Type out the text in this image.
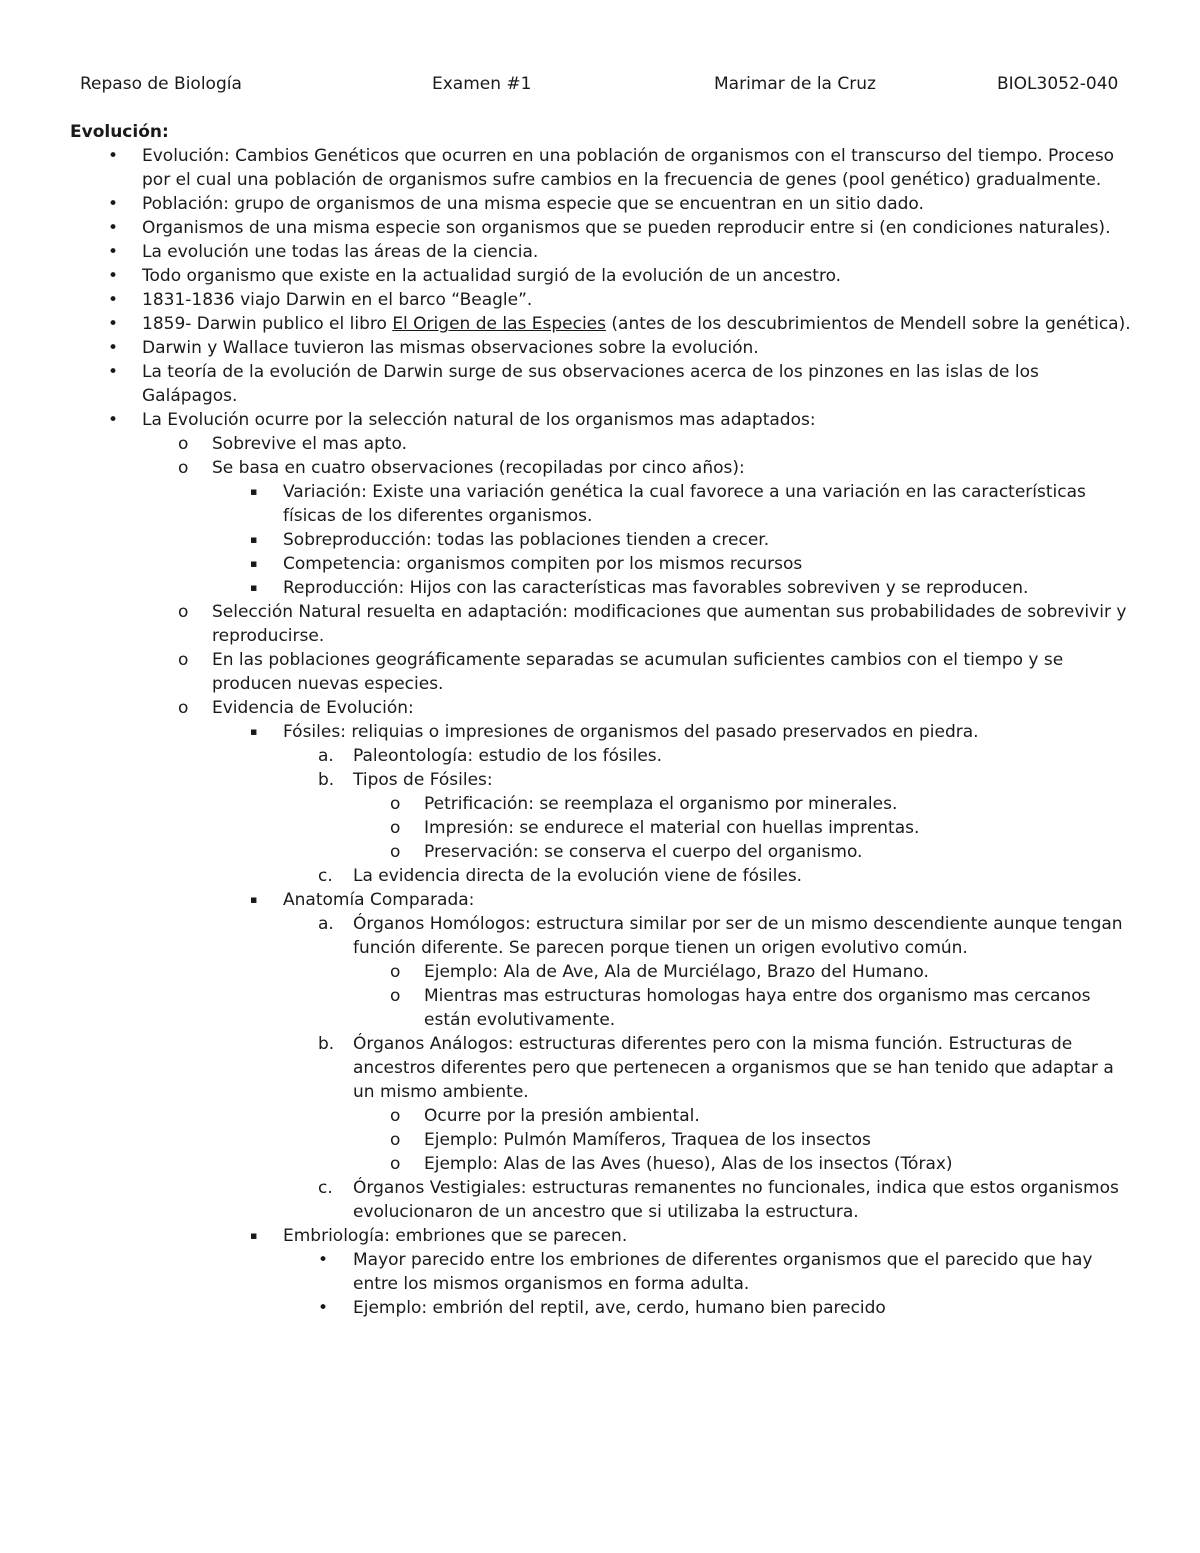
Repaso de Biología	Examen #1	Marimar de la Cruz	BIOL3052-040
Evolución:
• Evolución: Cambios Genéticos que ocurren en una población de organismos con el transcurso del tiempo. Proceso por el cual una población de organismos sufre cambios en la frecuencia de genes (pool genético) gradualmente.
• Población: grupo de organismos de una misma especie que se encuentran en un sitio dado.
• Organismos de una misma especie son organismos que se pueden reproducir entre si (en condiciones naturales).
• La evolución une todas las áreas de la ciencia.
• Todo organismo que existe en la actualidad surgió de la evolución de un ancestro.
• 1831-1836 viajo Darwin en el barco “Beagle”.
• 1859- Darwin publico el libro El Origen de las Especies (antes de los descubrimientos de Mendell sobre la genética).
• Darwin y Wallace tuvieron las mismas observaciones sobre la evolución.
• La teoría de la evolución de Darwin surge de sus observaciones acerca de los pinzones en las islas de los Galápagos.
• La Evolución ocurre por la selección natural de los organismos mas adaptados:
o Sobrevive el mas apto.
o Se basa en cuatro observaciones (recopiladas por cinco años):
▪ Variación: Existe una variación genética la cual favorece a una variación en las características físicas de los diferentes organismos.
▪ Sobreproducción: todas las poblaciones tienden a crecer.
▪ Competencia: organismos compiten por los mismos recursos
▪ Reproducción: Hijos con las características mas favorables sobreviven y se reproducen.
o Selección Natural resuelta en adaptación: modificaciones que aumentan sus probabilidades de sobrevivir y reproducirse.
o En las poblaciones geográficamente separadas se acumulan suficientes cambios con el tiempo y se producen nuevas especies.
o Evidencia de Evolución:
▪ Fósiles: reliquias o impresiones de organismos del pasado preservados en piedra.
a. Paleontología: estudio de los fósiles.
b. Tipos de Fósiles:
o Petrificación: se reemplaza el organismo por minerales.
o Impresión: se endurece el material con huellas imprentas.
o Preservación: se conserva el cuerpo del organismo.
c. La evidencia directa de la evolución viene de fósiles.
▪ Anatomía Comparada:
a. Órganos Homólogos: estructura similar por ser de un mismo descendiente aunque tengan función diferente. Se parecen porque tienen un origen evolutivo común.
o Ejemplo: Ala de Ave, Ala de Murciélago, Brazo del Humano.
o Mientras mas estructuras homologas haya entre dos organismo mas cercanos están evolutivamente.
b. Órganos Análogos: estructuras diferentes pero con la misma función. Estructuras de ancestros diferentes pero que pertenecen a organismos que se han tenido que adaptar a un mismo ambiente.
o Ocurre por la presión ambiental.
o Ejemplo: Pulmón Mamíferos, Traquea de los insectos
o Ejemplo: Alas de las Aves (hueso), Alas de los insectos (Tórax)
c. Órganos Vestigiales: estructuras remanentes no funcionales, indica que estos organismos evolucionaron de un ancestro que si utilizaba la estructura.
▪ Embriología: embriones que se parecen.
• Mayor parecido entre los embriones de diferentes organismos que el parecido que hay entre los mismos organismos en forma adulta.
• Ejemplo: embrión del reptil, ave, cerdo, humano bien parecido
